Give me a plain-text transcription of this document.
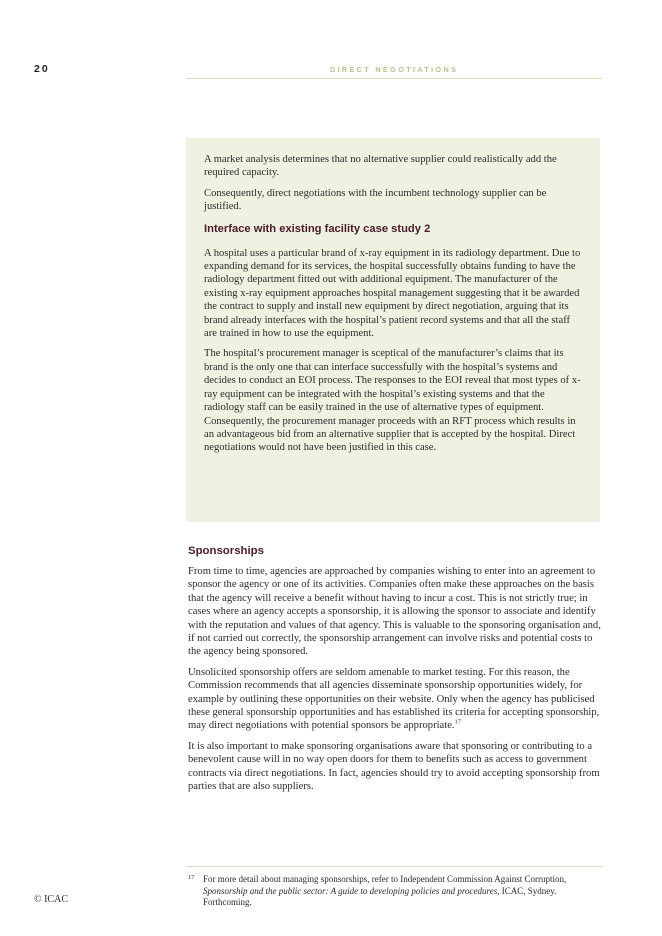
20	DIRECT NEGOTIATIONS

A market analysis determines that no alternative supplier could realistically add the required capacity.

Consequently, direct negotiations with the incumbent technology supplier can be justified.

Interface with existing facility case study 2

A hospital uses a particular brand of x-ray equipment in its radiology department. Due to expanding demand for its services, the hospital successfully obtains funding to have the radiology department fitted out with additional equipment. The manufacturer of the existing x-ray equipment approaches hospital management suggesting that it be awarded the contract to supply and install new equipment by direct negotiation, arguing that its brand already interfaces with the hospital’s patient record systems and that all the staff are trained in how to use the equipment.

The hospital’s procurement manager is sceptical of the manufacturer’s claims that its brand is the only one that can interface successfully with the hospital’s systems and decides to conduct an EOI process. The responses to the EOI reveal that most types of x-ray equipment can be integrated with the hospital’s existing systems and that the radiology staff can be easily trained in the use of alternative types of equipment. Consequently, the procurement manager proceeds with an RFT process which results in an advantageous bid from an alternative supplier that is accepted by the hospital. Direct negotiations would not have been justified in this case.

Sponsorships

From time to time, agencies are approached by companies wishing to enter into an agreement to sponsor the agency or one of its activities. Companies often make these approaches on the basis that the agency will receive a benefit without having to incur a cost. This is not strictly true; in cases where an agency accepts a sponsorship, it is allowing the sponsor to associate and identify with the reputation and values of that agency. This is valuable to the sponsoring organisation and, if not carried out correctly, the sponsorship arrangement can involve risks and potential costs to the agency being sponsored.

Unsolicited sponsorship offers are seldom amenable to market testing. For this reason, the Commission recommends that all agencies disseminate sponsorship opportunities widely, for example by outlining these opportunities on their website. Only when the agency has publicised these general sponsorship opportunities and has established its criteria for accepting sponsorship, may direct negotiations with potential sponsors be appropriate.$^{17}$

It is also important to make sponsoring organisations aware that sponsoring or contributing to a benevolent cause will in no way open doors for them to benefits such as access to government contracts via direct negotiations. In fact, agencies should try to avoid accepting sponsorship from parties that are also suppliers.

17 For more detail about managing sponsorships, refer to Independent Commission Against Corruption, Sponsorship and the public sector: A guide to developing policies and procedures, ICAC, Sydney. Forthcoming.
© ICAC
